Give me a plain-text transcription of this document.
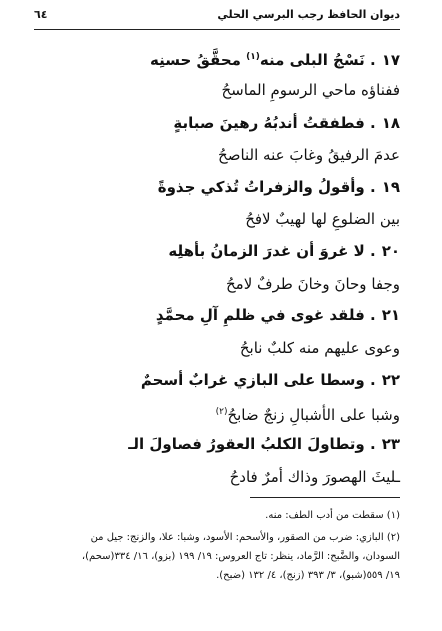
ديوان الحافظ رجب البرسي الحلي
٦٤
١٧. نَسْجُ البلى منه$^{(١)}$ محقَّقُ حسنِه
ففناؤه ماحي الرسومِ الماسحُ
١٨. فطفقتُ أندبُهُ رهينَ صبابةٍ
عدمَ الرفيقُ وغابَ عنه الناصحُ
١٩. وأقولُ والزفراتُ تُذكي جذوةً
بين الضلوعِ لها لهيبٌ لافحُ
٢٠. لا غروَ أن غدرَ الزمانُ بأهلِه
وجفا وحانَ وخانَ طرفٌ لامحُ
٢١. فلقد غوى في ظلمِ آلِ محمَّدٍ
وعوى عليهم منه كلبٌ نابحُ
٢٢. وسطا على البازي غرابٌ أسحمٌ
وشبا على الأشبالِ زنجٌ ضابحُ$^{(٢)}$
٢٣. وتطاولَ الكلبُ العقورُ فصاولَ الـ
ـليثَ الهصورَ وذاك أمرٌ فادحُ
(١) سقطت من أدب الطف: منه.
(٢) البازي: ضرب من الصقور، والأسحم: الأسود، وشبا: علا، والزنج: جيل من
السودان، والضَّبح: الرَّماد، ينظر: تاج العروس: ١٩/ ١٩٩ (بزو)، ١٦/ ٣٣٤(سحم)،
١٩/ ٥٥٩(شبو)، ٣/ ٣٩٣ (زنج)، ٤/ ١٣٢ (ضبح).
